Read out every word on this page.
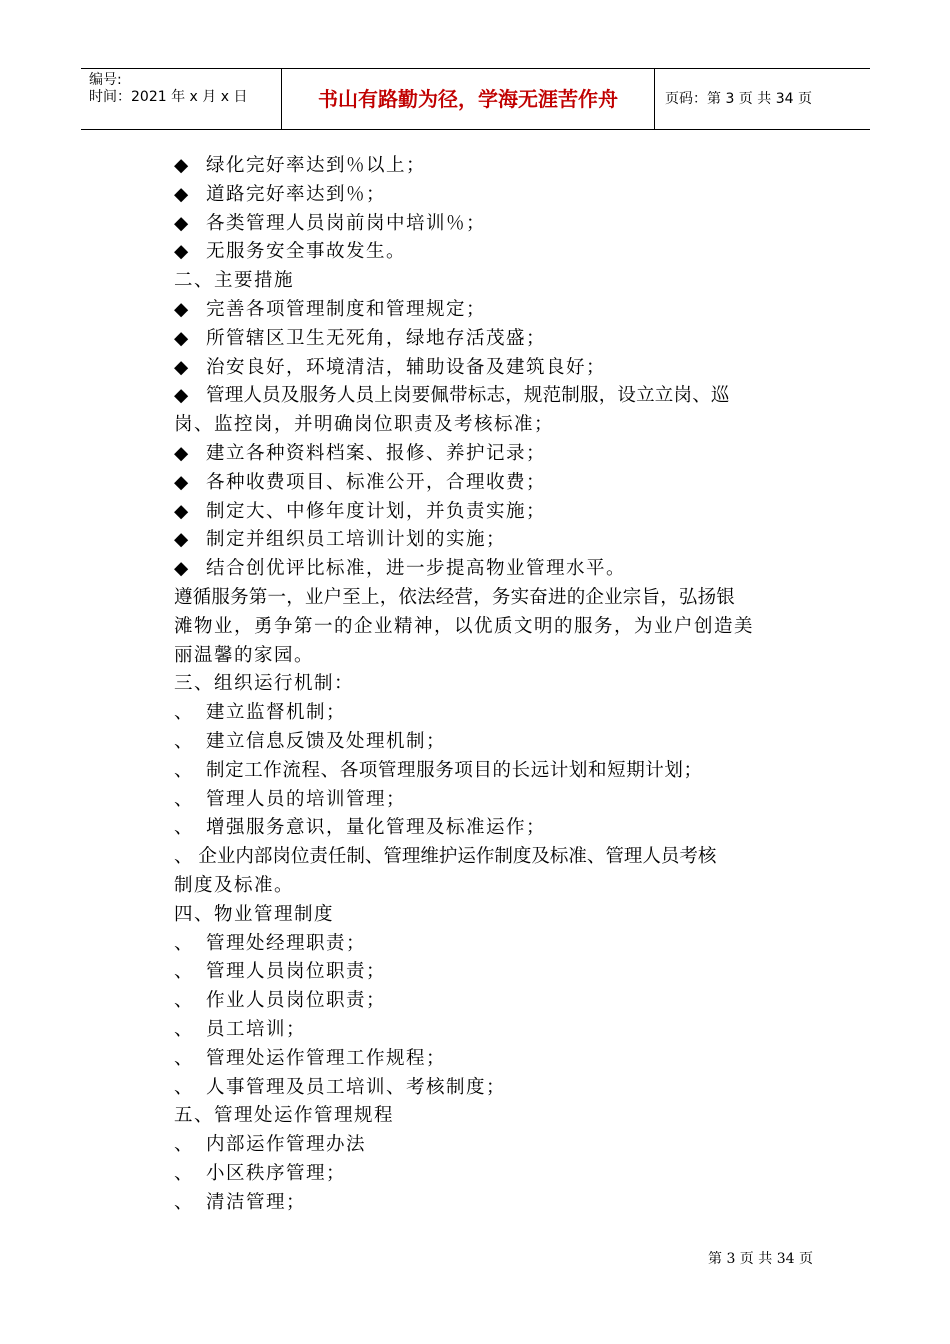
编号:
时间：2021 年 x 月 x 日	书山有路勤为径，学海无涯苦作舟	页码：第 3 页 共 34 页
◆ 绿化完好率达到％以上；
◆ 道路完好率达到％；
◆ 各类管理人员岗前岗中培训％；
◆ 无服务安全事故发生。
二、主要措施
◆ 完善各项管理制度和管理规定；
◆ 所管辖区卫生无死角，绿地存活茂盛；
◆ 治安良好，环境清洁，辅助设备及建筑良好；
◆ 管理人员及服务人员上岗要佩带标志，规范制服，设立立岗、巡
岗、监控岗，并明确岗位职责及考核标准；
◆ 建立各种资料档案、报修、养护记录；
◆ 各种收费项目、标准公开，合理收费；
◆ 制定大、中修年度计划，并负责实施；
◆ 制定并组织员工培训计划的实施；
◆ 结合创优评比标准，进一步提高物业管理水平。
遵循服务第一，业户至上，依法经营，务实奋进的企业宗旨，弘扬银
滩物业，勇争第一的企业精神，以优质文明的服务，为业户创造美
丽温馨的家园。
三、组织运行机制：
、 建立监督机制；
、 建立信息反馈及处理机制；
、 制定工作流程、各项管理服务项目的长远计划和短期计划；
、 管理人员的培训管理；
、 增强服务意识，量化管理及标准运作；
、 企业内部岗位责任制、管理维护运作制度及标准、管理人员考核
制度及标准。
四、物业管理制度
、 管理处经理职责；
、 管理人员岗位职责；
、 作业人员岗位职责；
、 员工培训；
、 管理处运作管理工作规程；
、 人事管理及员工培训、考核制度；
五、管理处运作管理规程
、 内部运作管理办法
、 小区秩序管理；
、 清洁管理；
第 3 页 共 34 页
